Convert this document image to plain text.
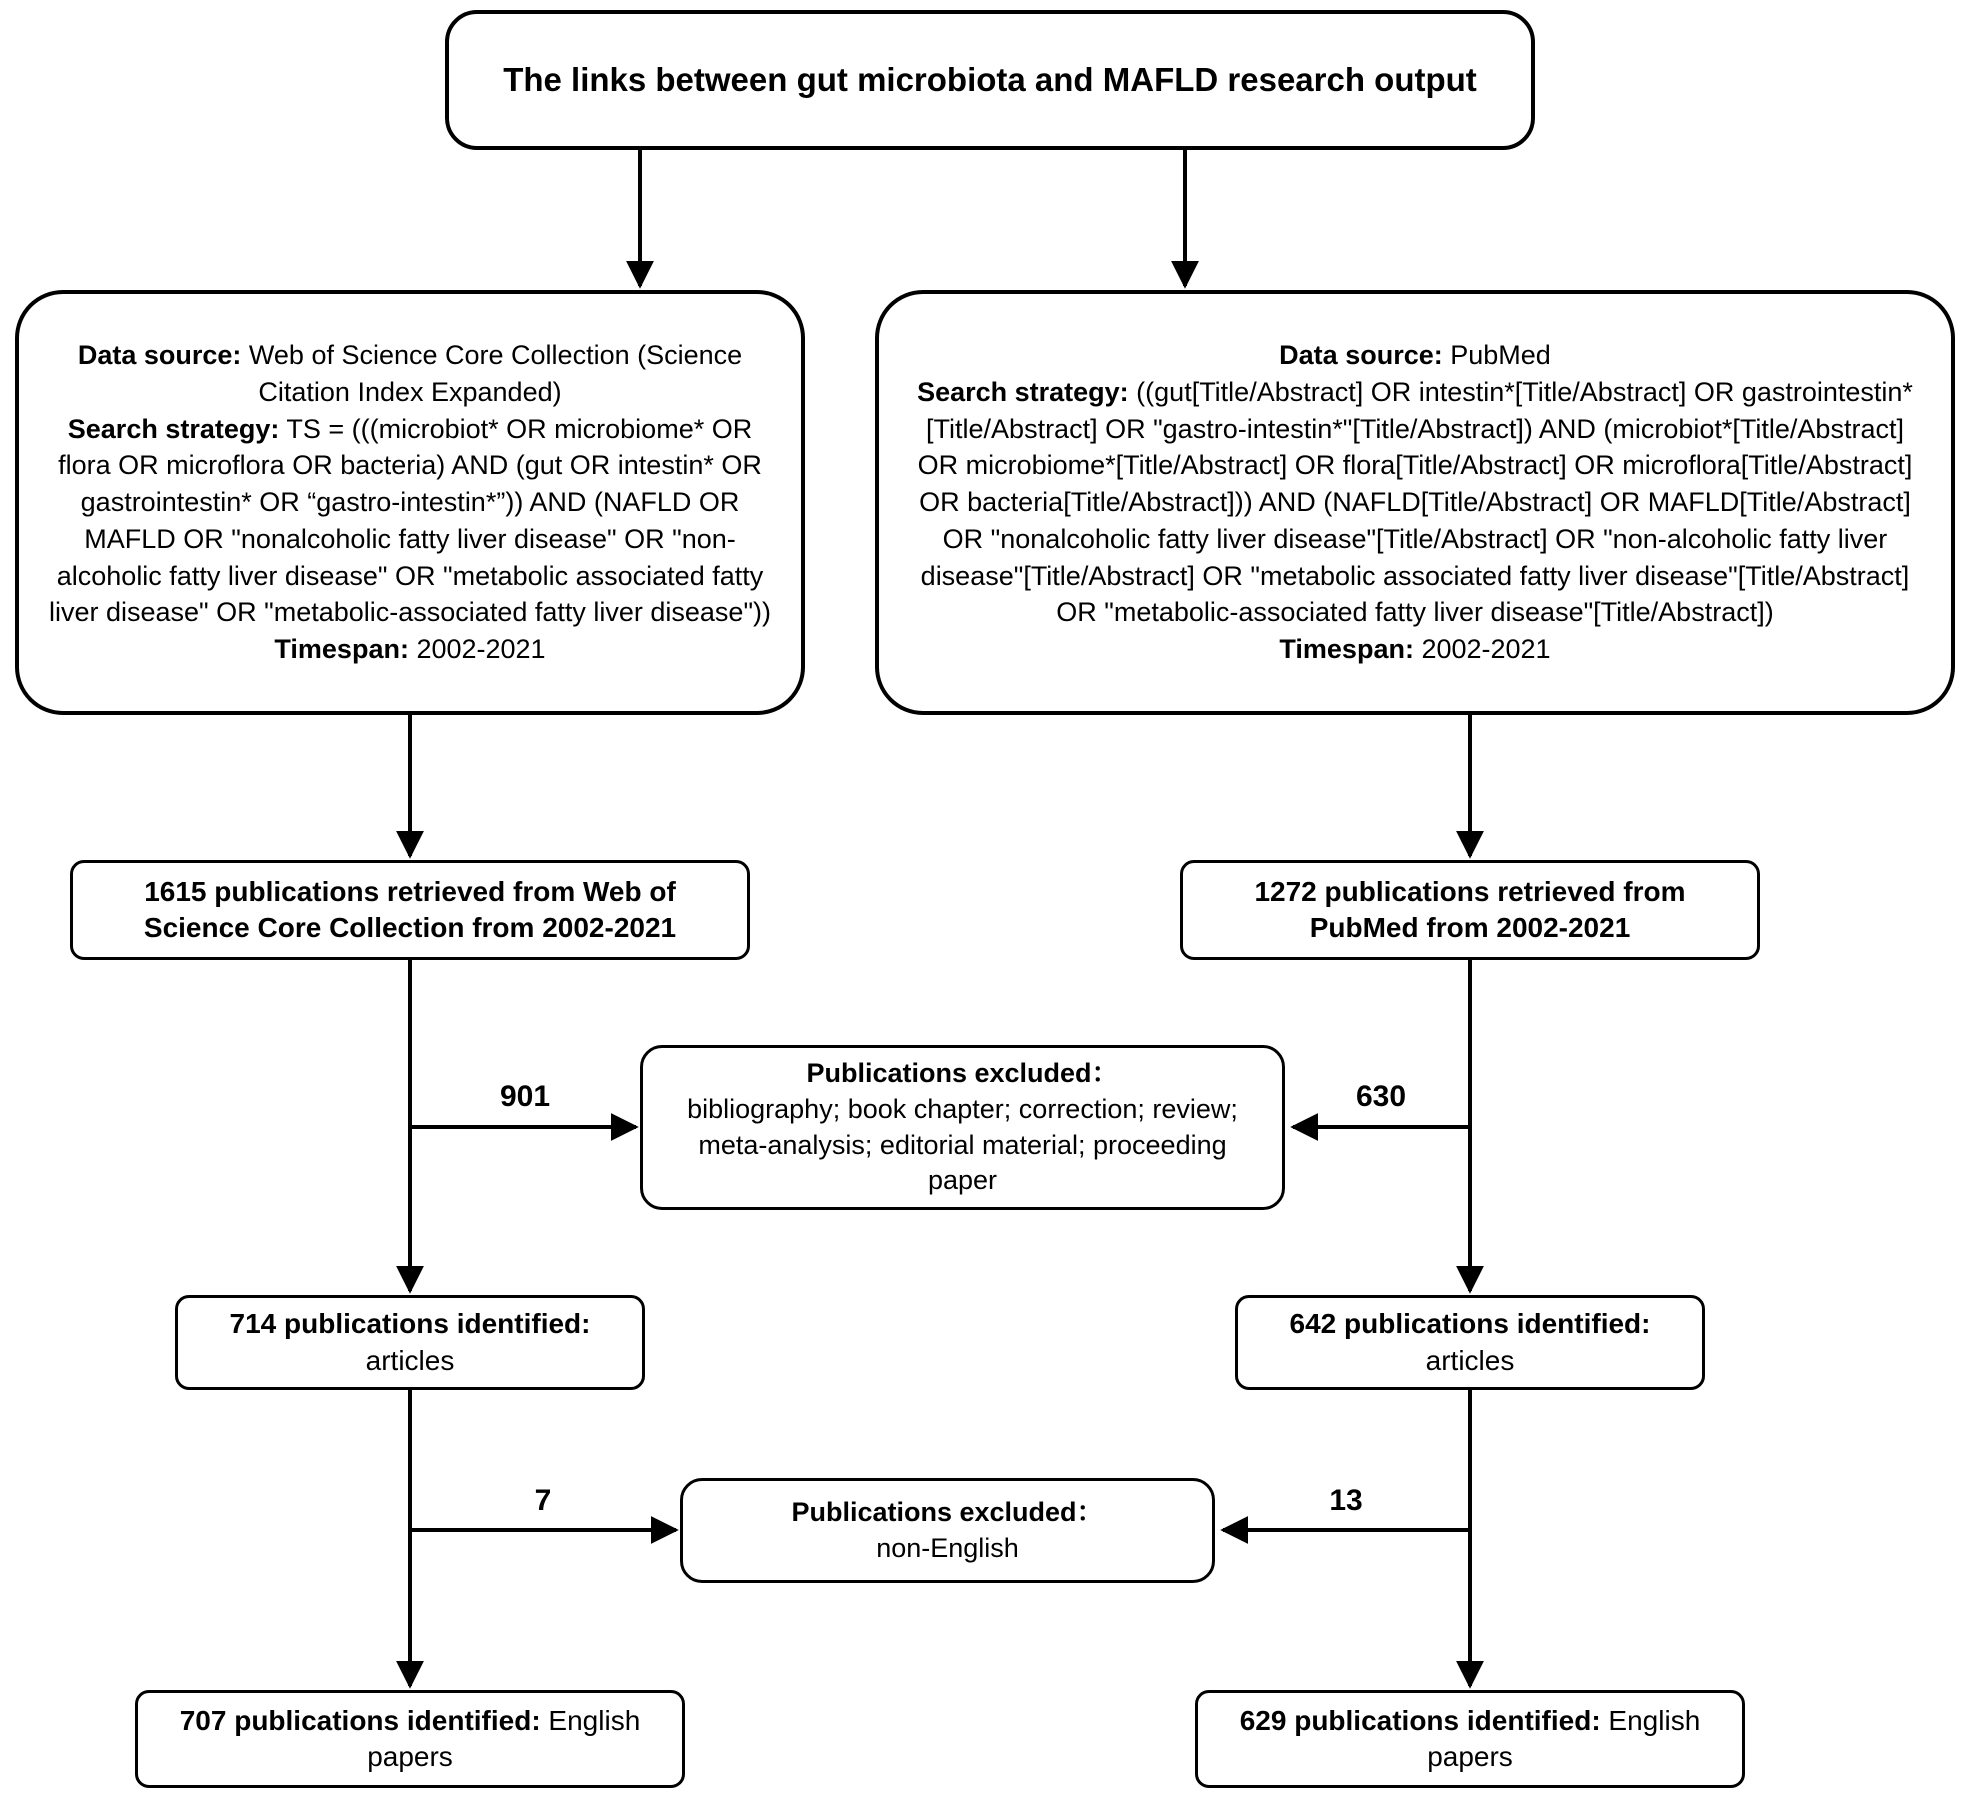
The links between gut microbiota and MAFLD research output
Data source: Web of Science Core Collection (Science Citation Index Expanded)
Search strategy: TS = (((microbiot* OR microbiome* OR flora OR microflora OR bacteria) AND (gut OR intestin* OR gastrointestin* OR “gastro-intestin*”)) AND (NAFLD OR MAFLD OR "nonalcoholic fatty liver disease" OR "non-alcoholic fatty liver disease" OR "metabolic associated fatty liver disease" OR "metabolic-associated fatty liver disease"))
Timespan: 2002-2021
Data source: PubMed
Search strategy: ((gut[Title/Abstract] OR intestin*[Title/Abstract] OR gastrointestin*[Title/Abstract] OR "gastro-intestin*"[Title/Abstract]) AND (microbiot*[Title/Abstract] OR microbiome*[Title/Abstract] OR flora[Title/Abstract] OR microflora[Title/Abstract] OR bacteria[Title/Abstract])) AND (NAFLD[Title/Abstract] OR MAFLD[Title/Abstract] OR "nonalcoholic fatty liver disease"[Title/Abstract] OR "non-alcoholic fatty liver disease"[Title/Abstract] OR "metabolic associated fatty liver disease"[Title/Abstract] OR "metabolic-associated fatty liver disease"[Title/Abstract])
Timespan: 2002-2021
1615 publications retrieved from Web of Science Core Collection from 2002-2021
1272 publications retrieved from PubMed from 2002-2021
901	630
Publications excluded：
bibliography; book chapter; correction; review; meta-analysis; editorial material; proceeding paper
714 publications identified:
articles
642 publications identified:
articles
7	13
Publications excluded：
non-English
707 publications identified: English papers
629 publications identified: English papers
